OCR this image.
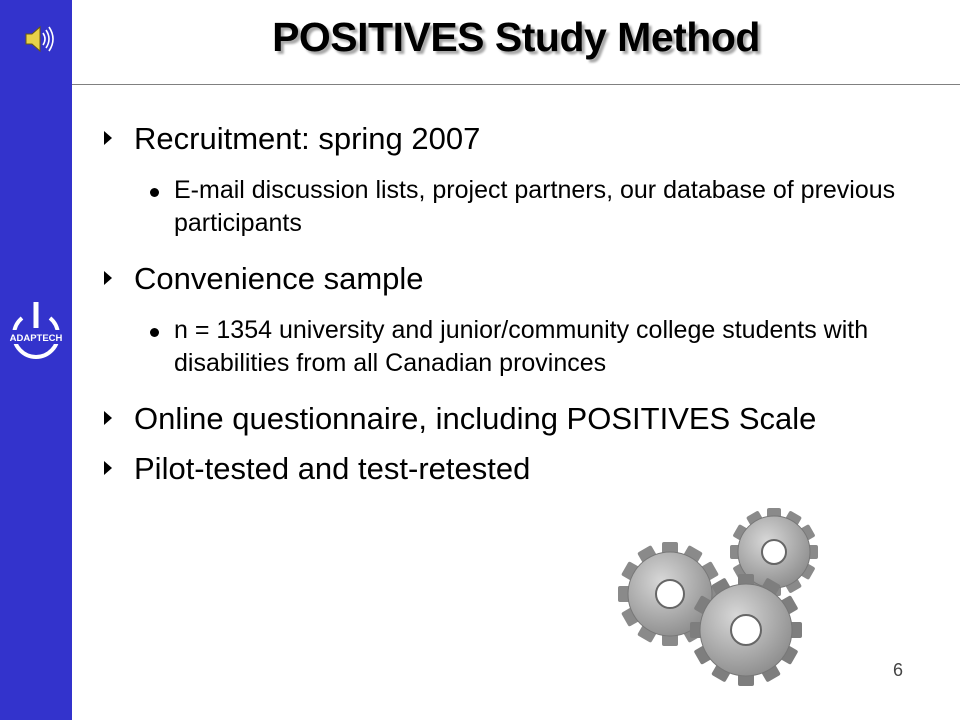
ADAPTECH
POSITIVES Study Method
Recruitment: spring 2007
E-mail discussion lists, project partners, our database of previous participants
Convenience sample
n = 1354 university and junior/community college students with disabilities from all Canadian provinces
Online questionnaire, including POSITIVES Scale
Pilot-tested and test-retested
6
